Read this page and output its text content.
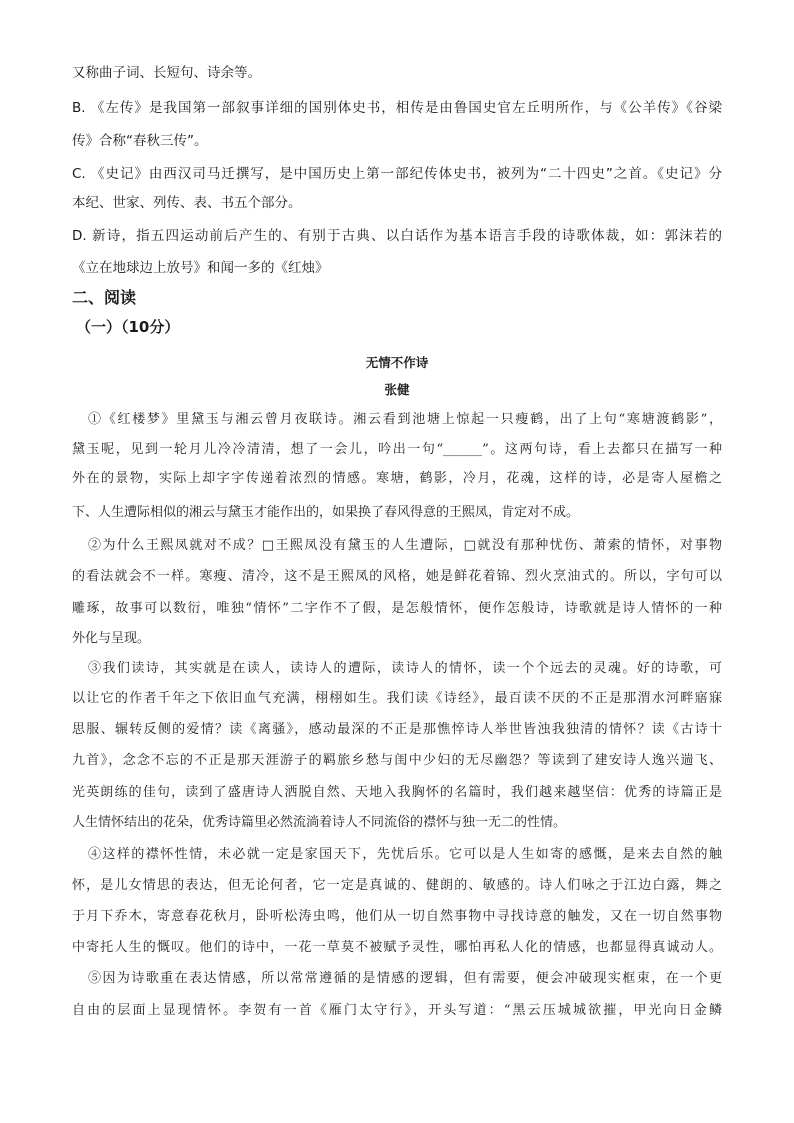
又称曲子词、长短句、诗余等。
B. 《左传》是我国第一部叙事详细的国别体史书，相传是由鲁国史官左丘明所作，与《公羊传》《谷梁
传》合称“春秋三传”。
C. 《史记》由西汉司马迁撰写，是中国历史上第一部纪传体史书，被列为“二十四史”之首。《史记》分
本纪、世家、列传、表、书五个部分。
D. 新诗，指五四运动前后产生的、有别于古典、以白话作为基本语言手段的诗歌体裁，如：郭沫若的
《立在地球边上放号》和闻一多的《红烛》
二、阅读
（一）（10分）
无情不作诗
张健
①《红楼梦》里黛玉与湘云曾月夜联诗。湘云看到池塘上惊起一只瘦鹤，出了上句“寒塘渡鹤影”，
黛玉呢，见到一轮月儿冷冷清清，想了一会儿，吟出一句“______”。这两句诗，看上去都只在描写一种
外在的景物，实际上却字字传递着浓烈的情感。寒塘，鹤影，冷月，花魂，这样的诗，必是寄人屋檐之
下、人生遭际相似的湘云与黛玉才能作出的，如果换了春风得意的王熙凤，肯定对不成。
②为什么王熙凤就对不成？□王熙凤没有黛玉的人生遭际，□就没有那种忧伤、萧索的情怀，对事物
的看法就会不一样。寒瘦、清冷，这不是王熙凤的风格，她是鲜花着锦、烈火烹油式的。所以，字句可以
雕琢，故事可以数衍，唯独“情怀”二字作不了假，是怎般情怀，便作怎般诗，诗歌就是诗人情怀的一种
外化与呈现。
③我们读诗，其实就是在读人，读诗人的遭际，读诗人的情怀，读一个个远去的灵魂。好的诗歌，可
以让它的作者千年之下依旧血气充满，栩栩如生。我们读《诗经》，最百读不厌的不正是那渭水河畔寤寐
思服、辗转反侧的爱情？读《离骚》，感动最深的不正是那憔悴诗人举世皆浊我独清的情怀？读《古诗十
九首》，念念不忘的不正是那天涯游子的羁旅乡愁与闺中少妇的无尽幽怨？等读到了建安诗人逸兴遄飞、
光英朗练的佳句，读到了盛唐诗人洒脱自然、天地入我胸怀的名篇时，我们越来越坚信：优秀的诗篇正是
人生情怀结出的花朵，优秀诗篇里必然流淌着诗人不同流俗的襟怀与独一无二的性情。
④这样的襟怀性情，未必就一定是家国天下，先忧后乐。它可以是人生如寄的感慨，是来去自然的触
怀，是儿女情思的表达，但无论何者，它一定是真诚的、健朗的、敏感的。诗人们咏之于江边白露，舞之
于月下乔木，寄意春花秋月，卧听松涛虫鸣，他们从一切自然事物中寻找诗意的触发，又在一切自然事物
中寄托人生的慨叹。他们的诗中，一花一草莫不被赋予灵性，哪怕再私人化的情感，也都显得真诚动人。
⑤因为诗歌重在表达情感，所以常常遵循的是情感的逻辑，但有需要，便会冲破现实框束，在一个更
自由的层面上显现情怀。李贺有一首《雁门太守行》，开头写道：“黑云压城城欲摧，甲光向日金鳞
